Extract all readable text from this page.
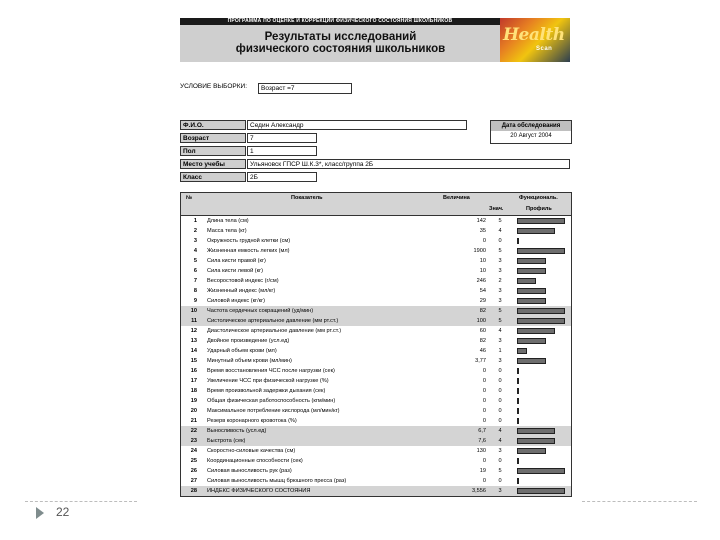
ПРОГРАММА ПО ОЦЕНКЕ И КОРРЕКЦИИ ФИЗИЧЕСКОГО СОСТОЯНИЯ ШКОЛЬНИКОВ
Результаты исследований
физического состояния школьников
Health
Scan
УСЛОВИЕ ВЫБОРКИ:	Возраст =7
Ф.И.О.	Седин Александр
Возраст	7
Пол	1
Место учебы	Ульяновск ГПСР Ш.К.3*, класс/группа 2Б
Класс	2Б
Дата обследования
20 Август 2004
№	Показатель	Величина	Функциональ.
Знач.	Профиль
1 Длина тела (см)	142	5
2 Масса тела (кг)	35	4
3 Окружность грудной клетки (см)	0	0
4 Жизненная емкость легких (мл)	1900	5
5 Сила кисти правой (кг)	10	3
6 Сила кисти левой (кг)	10	3
7 Весоростовой индекс (г/см)	246	2
8 Жизненный индекс (мл/кг)	54	3
9 Силовой индекс (кг/кг)	29	3
10 Частота сердечных сокращений (уд/мин)	82	5
11 Систолическое артериальное давление (мм рт.ст.)	100	5
12 Диастолическое артериальное давление (мм рт.ст.)	60	4
13 Двойное произведение (усл.ед)	82	3
14 Ударный объем крови (мл)	46	1
15 Минутный объем крови (мл/мин)	3,77	3
16 Время восстановления ЧСС после нагрузки (сек)	0	0
17 Увеличение ЧСС при физической нагрузке (%)	0	0
18 Время произвольной задержки дыхания (сек)	0	0
19 Общая физическая работоспособность (кгм/мин)	0	0
20 Максимальное потребление кислорода (мл/мин/кг)	0	0
21 Резерв коронарного кровотока (%)	0	0
22 Выносливость (усл.ед)	6,7	4
23 Быстрота (сек)	7,6	4
24 Скоростно-силовые качества (см)	130	3
25 Координационные способности (сек)	0	0
26 Силовая выносливость рук (раз)	19	5
27 Силовая выносливость мышц брюшного пресса (раз)	0	0
28 ИНДЕКС ФИЗИЧЕСКОГО СОСТОЯНИЯ	3,556	3
22
